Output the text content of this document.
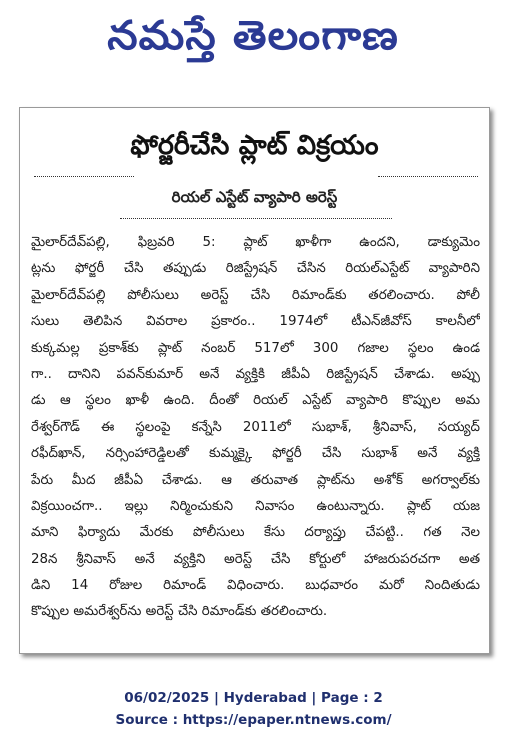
నమస్తే తెలంగాణ
ఫోర్జరీచేసి ప్లాట్ విక్రయం
రియల్ ఎస్టేట్ వ్యాపారి అరెస్ట్
మైలార్‌దేవ్‌పల్లి, ఫిబ్రవరి 5: ప్లాట్ ఖాళీగా ఉందని, డాక్యుమెం
ట్లను ఫోర్జరీ చేసి తప్పుడు రిజిస్ట్రేషన్ చేసిన రియల్‌ఎస్టేట్ వ్యాపారిని
మైలార్‌దేవ్‌పల్లి పోలీసులు అరెస్ట్ చేసి రిమాండ్‌కు తరలించారు. పోలీ
సులు తెలిపిన వివరాల ప్రకారం.. 1974లో టీఎన్‌జీవోస్ కాలనీలో
కుక్కమల్ల ప్రకాశ్‌కు ప్లాట్ నంబర్ 517లో 300 గజాల స్థలం ఉండ
గా.. దానిని పవన్‌కుమార్ అనే వ్యక్తికి జీపీఏ రిజిస్ట్రేషన్ చేశాడు. అప్పు
డు ఆ స్థలం ఖాళీ ఉంది. దీంతో రియల్ ఎస్టేట్ వ్యాపారి కొప్పుల అమ
రేశ్వర్‌గౌడ్ ఈ స్థలంపై కన్నేసి 2011లో సుభాశ్, శ్రీనివాస్, సయ్యద్
రఫీద్‌ఖాన్, నర్సింహారెడ్డిలతో కుమ్మక్కై ఫోర్జరీ చేసి సుభాశ్ అనే వ్యక్తి
పేరు మీద జీపీఏ చేశాడు. ఆ తరువాత ప్లాట్‌ను అశోక్ అగర్వాల్‌కు
విక్రయించగా.. ఇల్లు నిర్మించుకుని నివాసం ఉంటున్నారు. ప్లాట్ యజ
మాని ఫిర్యాదు మేరకు పోలీసులు కేసు దర్యాప్తు చేపట్టి.. గత నెల
28న శ్రీనివాస్ అనే వ్యక్తిని అరెస్ట్ చేసి కోర్టులో హాజరుపరచగా అత
డిని 14 రోజుల రిమాండ్ విధించారు. బుధవారం మరో నిందితుడు
కొప్పుల అమరేశ్వర్‌ను అరెస్ట్ చేసి రిమాండ్‌కు తరలించారు.
06/02/2025 | Hyderabad | Page : 2
Source : https://epaper.ntnews.com/
